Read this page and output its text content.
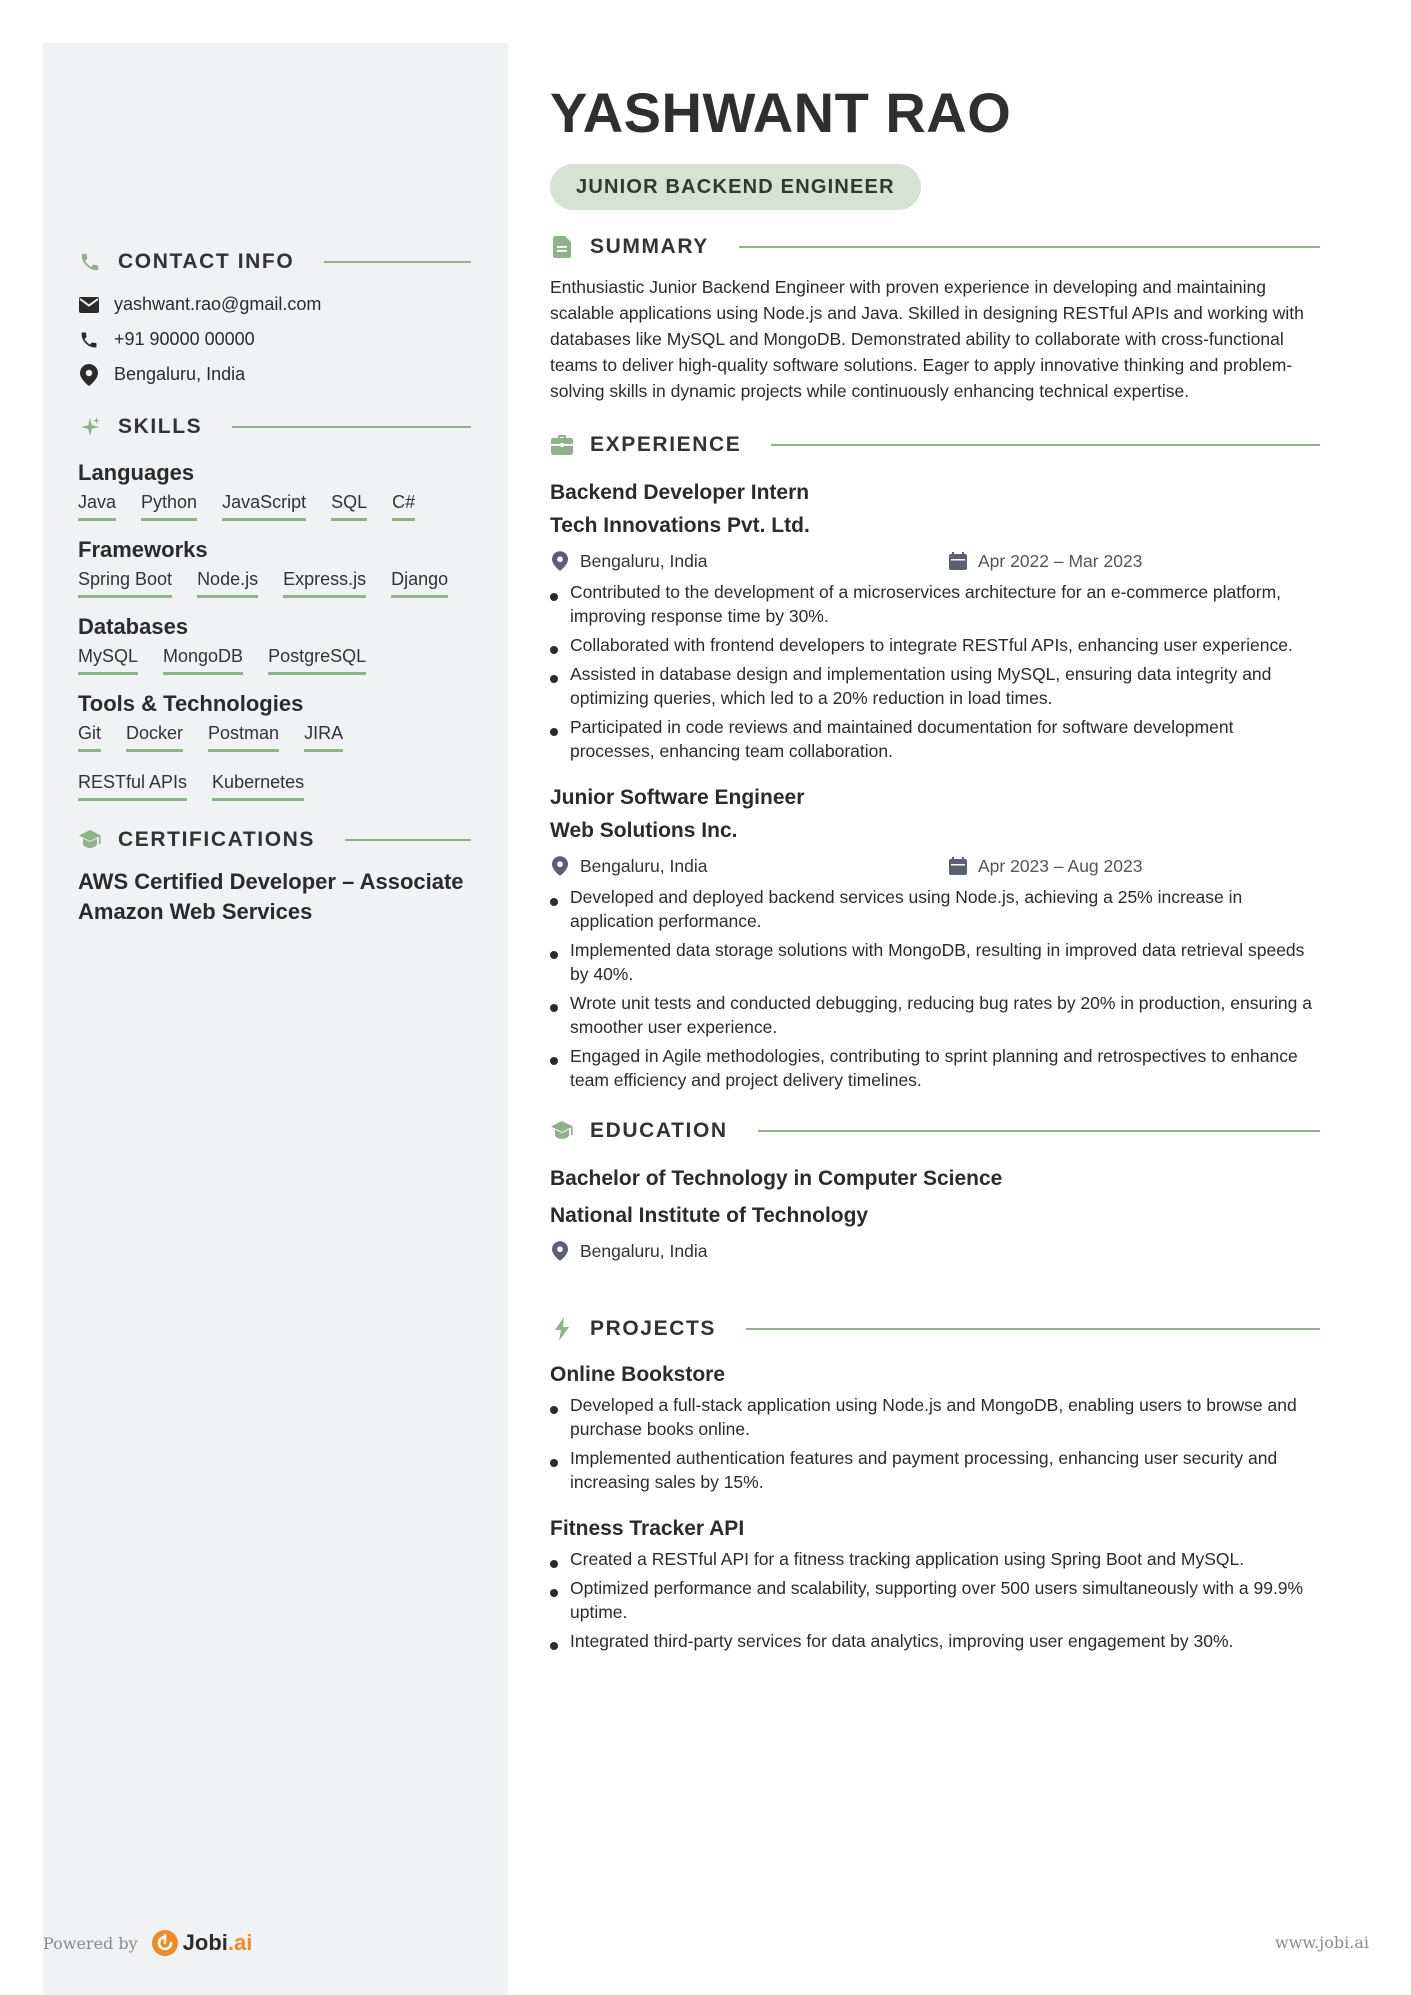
CONTACT INFO
yashwant.rao@gmail.com
+91 90000 00000
Bengaluru, India
SKILLS
Languages
Java Python JavaScript SQL C#
Frameworks
Spring Boot Node.js Express.js Django
Databases
MySQL MongoDB PostgreSQL
Tools & Technologies
Git Docker Postman JIRA
RESTful APIs Kubernetes
CERTIFICATIONS
AWS Certified Developer – Associate
Amazon Web Services
YASHWANT RAO
JUNIOR BACKEND ENGINEER
SUMMARY
Enthusiastic Junior Backend Engineer with proven experience in developing and maintaining scalable applications using Node.js and Java. Skilled in designing RESTful APIs and working with databases like MySQL and MongoDB. Demonstrated ability to collaborate with cross-functional teams to deliver high-quality software solutions. Eager to apply innovative thinking and problem-solving skills in dynamic projects while continuously enhancing technical expertise.
EXPERIENCE
Backend Developer Intern
Tech Innovations Pvt. Ltd.
Bengaluru, India	Apr 2022 – Mar 2023
Contributed to the development of a microservices architecture for an e-commerce platform, improving response time by 30%.
Collaborated with frontend developers to integrate RESTful APIs, enhancing user experience.
Assisted in database design and implementation using MySQL, ensuring data integrity and optimizing queries, which led to a 20% reduction in load times.
Participated in code reviews and maintained documentation for software development processes, enhancing team collaboration.
Junior Software Engineer
Web Solutions Inc.
Bengaluru, India	Apr 2023 – Aug 2023
Developed and deployed backend services using Node.js, achieving a 25% increase in application performance.
Implemented data storage solutions with MongoDB, resulting in improved data retrieval speeds by 40%.
Wrote unit tests and conducted debugging, reducing bug rates by 20% in production, ensuring a smoother user experience.
Engaged in Agile methodologies, contributing to sprint planning and retrospectives to enhance team efficiency and project delivery timelines.
EDUCATION
Bachelor of Technology in Computer Science
National Institute of Technology
Bengaluru, India
PROJECTS
Online Bookstore
Developed a full-stack application using Node.js and MongoDB, enabling users to browse and purchase books online.
Implemented authentication features and payment processing, enhancing user security and increasing sales by 15%.
Fitness Tracker API
Created a RESTful API for a fitness tracking application using Spring Boot and MySQL.
Optimized performance and scalability, supporting over 500 users simultaneously with a 99.9% uptime.
Integrated third-party services for data analytics, improving user engagement by 30%.
Powered by Jobi.ai	www.jobi.ai
